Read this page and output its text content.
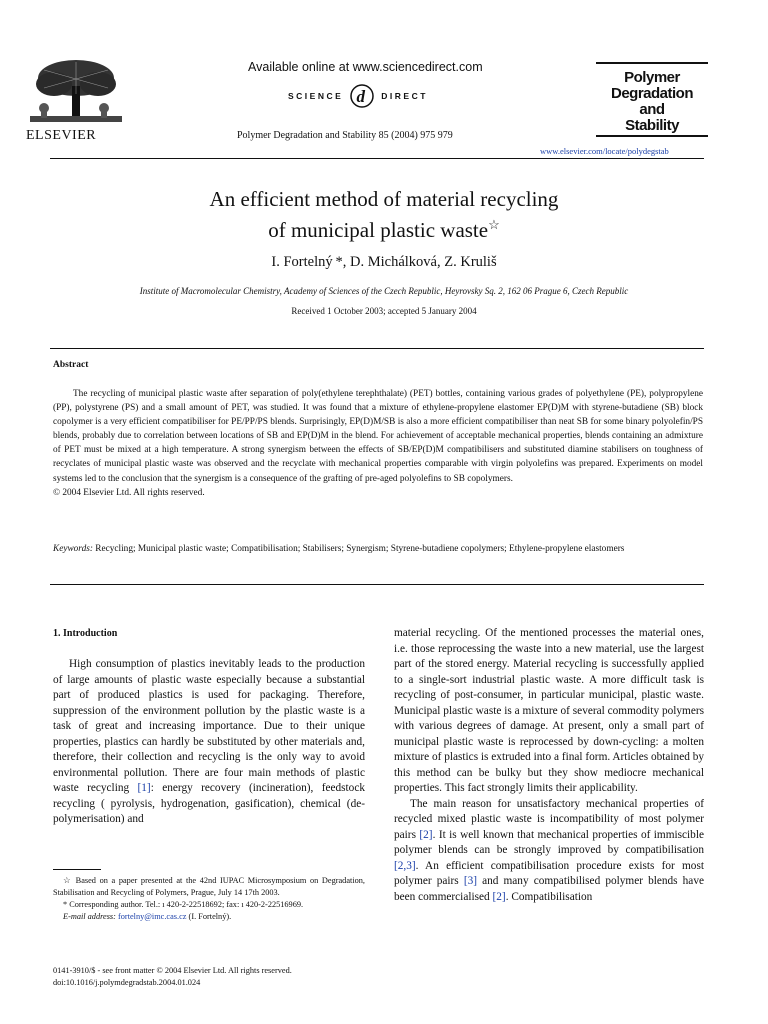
ELSEVIER
Available online at www.sciencedirect.com
SCIENCE d DIRECT
Polymer Degradation and Stability 85 (2004) 975 979
Polymer
Degradation
and
Stability
www.elsevier.com/locate/polydegstab
An efficient method of material recycling
of municipal plastic waste☆
I. Fortelný *, D. Michálková, Z. Kruliš
Institute of Macromolecular Chemistry, Academy of Sciences of the Czech Republic, Heyrovsky Sq. 2, 162 06 Prague 6, Czech Republic
Received 1 October 2003; accepted 5 January 2004
Abstract

The recycling of municipal plastic waste after separation of poly(ethylene terephthalate) (PET) bottles, containing various grades of polyethylene (PE), polypropylene (PP), polystyrene (PS) and a small amount of PET, was studied. It was found that a mixture of ethylene-propylene elastomer EP(D)M with styrene-butadiene (SB) block copolymer is a very efficient compatibiliser for PE/PP/PS blends. Surprisingly, EP(D)M/SB is also a more efficient compatibiliser than neat SB for some binary polyolefin/PS blends, probably due to correlation between locations of SB and EP(D)M in the blend. For achievement of acceptable mechanical properties, blends containing an admixture of PET must be mixed at a high temperature. A strong synergism between the effects of SB/EP(D)M compatibilisers and substituted diamine stabilisers on toughness of recyclates of municipal plastic waste was observed and the recyclate with mechanical properties comparable with virgin polyolefins was prepared. Experiments on model systems led to the conclusion that the synergism is a consequence of the grafting of pre-aged polyolefins to SB copolymers.

© 2004 Elsevier Ltd. All rights reserved.
Keywords: Recycling; Municipal plastic waste; Compatibilisation; Stabilisers; Synergism; Styrene-butadiene copolymers; Ethylene-propylene elastomers
1. Introduction

High consumption of plastics inevitably leads to the production of large amounts of plastic waste especially because a substantial part of produced plastics is used for packaging. Therefore, suppression of the environment pollution by the plastic waste is a task of great and increasing importance. Due to their unique properties, plastics can hardly be substituted by other materials and, therefore, their collection and recycling is the only way to avoid environmental pollution. There are four main methods of plastic waste recycling [1]: energy recovery (incineration), feedstock recycling ( pyrolysis, hydrogenation, gasification), chemical (de-polymerisation) and

material recycling. Of the mentioned processes the material ones, i.e. those reprocessing the waste into a new material, use the largest part of the stored energy. Material recycling is successfully applied to a single-sort industrial plastic waste. A more difficult task is recycling of post-consumer, in particular municipal, plastic waste. Municipal plastic waste is a mixture of several commodity polymers with various degrees of damage. At present, only a small part of municipal plastic waste is reprocessed by down-cycling: a molten mixture of plastics is extruded into a final form. Articles obtained by this method can be bulky but they show mediocre mechanical properties. This fact strongly limits their applicability.

The main reason for unsatisfactory mechanical properties of recycled mixed plastic waste is incompatibility of most polymer pairs [2]. It is well known that mechanical properties of immiscible polymer blends can be strongly improved by compatibilisation [2,3]. An efficient compatibilisation procedure exists for most polymer pairs [3] and many compatibilised polymer blends have been commercialised [2]. Compatibilisation

☆ Based on a paper presented at the 42nd IUPAC Microsymposium on Degradation, Stabilisation and Recycling of Polymers, Prague, July 14 17th 2003.
* Corresponding author. Tel.: ı 420-2-22518692; fax: ı 420-2-22516969.
E-mail address: fortelny@imc.cas.cz (I. Fortelný).
0141-3910/$ - see front matter © 2004 Elsevier Ltd. All rights reserved.
doi:10.1016/j.polymdegradstab.2004.01.024
